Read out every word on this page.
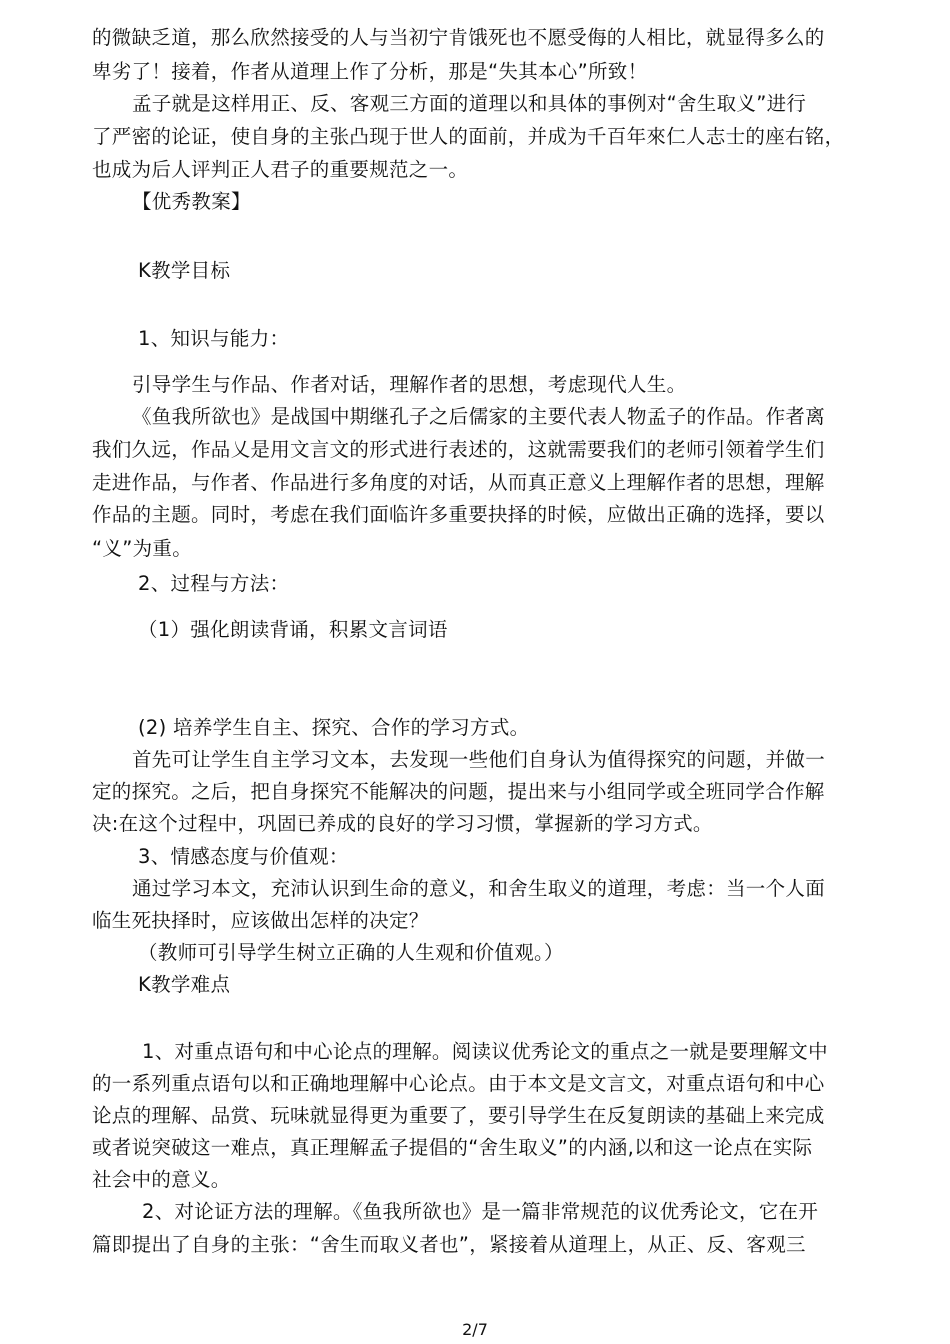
的微缺乏道，那么欣然接受的人与当初宁肯饿死也不愿受侮的人相比，就显得多么的
卑劣了！接着，作者从道理上作了分析，那是“失其本心”所致！
孟子就是这样用正、反、客观三方面的道理以和具体的事例对“舍生取义”进行
了严密的论证，使自身的主张凸现于世人的面前，并成为千百年來仁人志士的座右铭，
也成为后人评判正人君子的重要规范之一。
【优秀教案】
K教学目标
1、知识与能力：
引导学生与作品、作者对话，理解作者的思想，考虑现代人生。
《鱼我所欲也》是战国中期继孔子之后儒家的主要代表人物孟子的作品。作者离
我们久远，作品乂是用文言文的形式进行表述的，这就需要我们的老师引领着学生们
走进作品，与作者、作品进行多角度的对话，从而真正意义上理解作者的思想，理解
作品的主题。同时，考虑在我们面临许多重要抉择的时候，应做出正确的选择，要以
“义”为重。
2、过程与方法：
（1）强化朗读背诵，积累文言词语
(2) 培养学生自主、探究、合作的学习方式。
首先可让学生自主学习文本，去发现一些他们自身认为值得探究的问题，并做一
定的探究。之后，把自身探究不能解决的问题，提出来与小组同学或全班同学合作解
决:在这个过程中，巩固已养成的良好的学习习惯，掌握新的学习方式。
3、情感态度与价值观：
通过学习本文，充沛认识到生命的意义，和舍生取义的道理，考虑：当一个人面
临生死抉择时，应该做出怎样的决定？
（教师可引导学生树立正确的人生观和价值观。）
K教学难点
1、对重点语句和中心论点的理解。阅读议优秀论文的重点之一就是要理解文中
的一系列重点语句以和正确地理解中心论点。由于本文是文言文，对重点语句和中心
论点的理解、品赏、玩味就显得更为重要了，要引导学生在反复朗读的基础上来完成
或者说突破这一难点，真正理解孟子提倡的“舍生取义”的内涵,以和这一论点在实际
社会中的意义。
2、对论证方法的理解。《鱼我所欲也》是一篇非常规范的议优秀论文，它在开
篇即提出了自身的主张：“舍生而取义者也”，紧接着从道理上，从正、反、客观三
2/7
